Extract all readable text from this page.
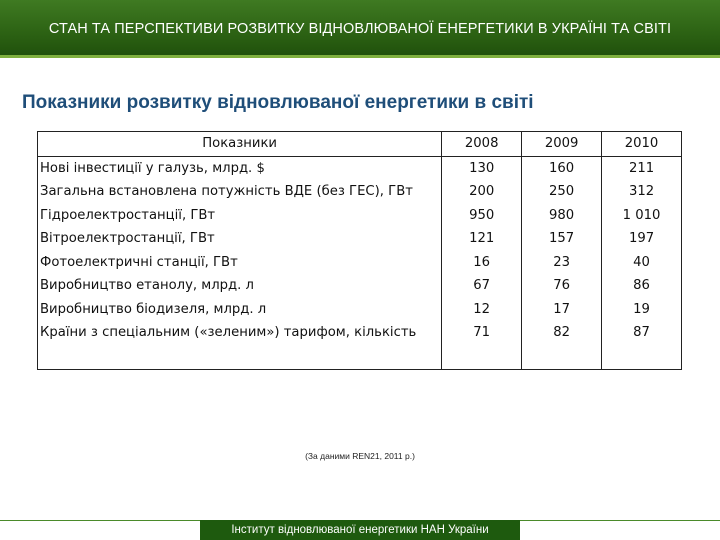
СТАН ТА ПЕРСПЕКТИВИ РОЗВИТКУ ВІДНОВЛЮВАНОЇ ЕНЕРГЕТИКИ В УКРАЇНІ ТА СВІТІ
Показники розвитку відновлюваної енергетики в світі
Показники	2008	2009	2010
Нові інвестиції у галузь, млрд. $	130	160	211
Загальна встановлена потужність ВДЕ (без ГЕС), ГВт	200	250	312
Гідроелектростанції, ГВт	950	980	1 010
Вітроелектростанції, ГВт	121	157	197
Фотоелектричні станції, ГВт	16	23	40
Виробництво етанолу, млрд. л	67	76	86
Виробництво біодизеля, млрд. л	12	17	19
Країни з спеціальним («зеленим») тарифом, кількість	71	82	87
(За даними REN21, 2011 р.)
Інститут відновлюваної енергетики НАН України
